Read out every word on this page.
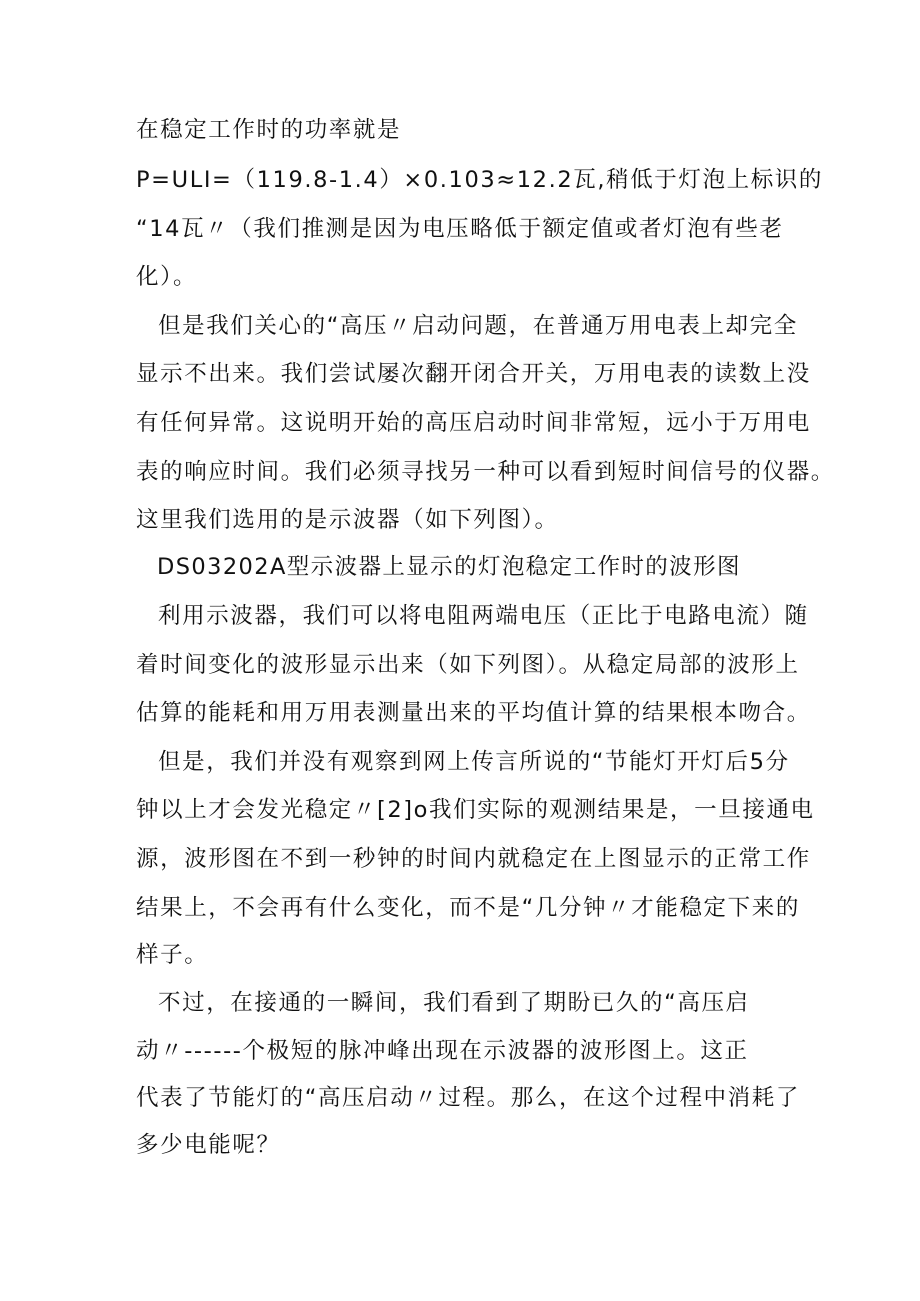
在稳定工作时的功率就是
P=ULI=（119.8-1.4）×0.103≈12.2瓦,稍低于灯泡上标识的
“14瓦〃（我们推测是因为电压略低于额定值或者灯泡有些老
化）。
但是我们关心的“高压〃启动问题，在普通万用电表上却完全
显示不出来。我们尝试屡次翻开闭合开关，万用电表的读数上没
有任何异常。这说明开始的高压启动时间非常短，远小于万用电
表的响应时间。我们必须寻找另一种可以看到短时间信号的仪器。
这里我们选用的是示波器（如下列图）。
DS03202A型示波器上显示的灯泡稳定工作时的波形图
利用示波器，我们可以将电阻两端电压（正比于电路电流）随
着时间变化的波形显示出来（如下列图）。从稳定局部的波形上
估算的能耗和用万用表测量出来的平均值计算的结果根本吻合。
但是，我们并没有观察到网上传言所说的“节能灯开灯后5分
钟以上才会发光稳定〃[2]o我们实际的观测结果是，一旦接通电
源，波形图在不到一秒钟的时间内就稳定在上图显示的正常工作
结果上，不会再有什么变化，而不是“几分钟〃才能稳定下来的
样子。
不过，在接通的一瞬间，我们看到了期盼已久的“高压启
动〃------个极短的脉冲峰出现在示波器的波形图上。这正
代表了节能灯的“高压启动〃过程。那么，在这个过程中消耗了
多少电能呢？
